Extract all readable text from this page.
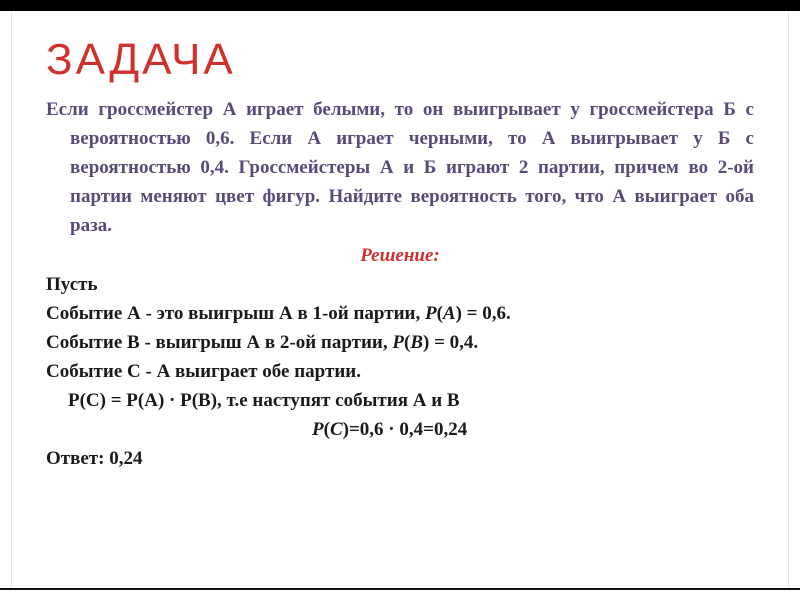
ЗАДАЧА

Если гроссмейстер А играет белыми, то он выигрывает у гроссмейстера Б с вероятностью 0,6. Если А играет черными, то А выигрывает у Б с вероятностью 0,4. Гроссмейстеры А и Б играют 2 партии, причем во 2-ой партии меняют цвет фигур. Найдите вероятность того, что А выиграет оба раза.

Решение:

Пусть

Событие А - это выигрыш А в 1-ой партии, P(A) = 0,6.

Событие В - выигрыш А в 2-ой партии, P(B) = 0,4.

Событие С - А выиграет обе партии.

P(C) = P(A) · P(B), т.е наступят события А и В

P(C)=0,6 · 0,4=0,24

Ответ: 0,24
